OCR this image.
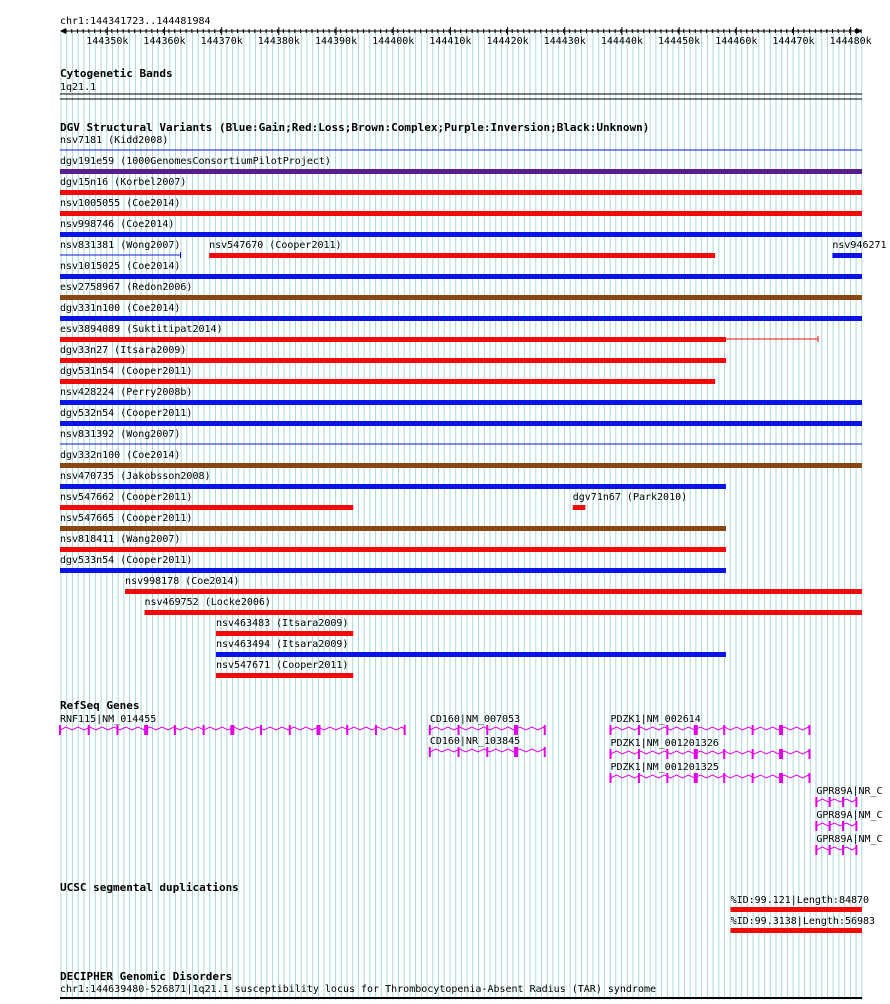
chr1:144341723..144481984
144350k 144360k 144370k 144380k 144390k 144400k 144410k 144420k 144430k 144440k 144450k 144460k 144470k 144480k
Cytogenetic Bands
1q21.1
DGV Structural Variants (Blue:Gain;Red:Loss;Brown:Complex;Purple:Inversion;Black:Unknown)
nsv7181 (Kidd2008)
dgv191e59 (1000GenomesConsortiumPilotProject)
dgv15n16 (Korbel2007)
nsv1005055 (Coe2014)
nsv998746 (Coe2014)
nsv831381 (Wong2007)	nsv547670 (Cooper2011)	nsv946271
nsv1015025 (Coe2014)
esv2758967 (Redon2006)
dgv331n100 (Coe2014)
esv3894089 (Suktitipat2014)
dgv33n27 (Itsara2009)
dgv531n54 (Cooper2011)
nsv428224 (Perry2008b)
dgv532n54 (Cooper2011)
nsv831392 (Wong2007)
dgv332n100 (Coe2014)
nsv470735 (Jakobsson2008)
nsv547662 (Cooper2011)	dgv71n67 (Park2010)
nsv547665 (Cooper2011)
nsv818411 (Wang2007)
dgv533n54 (Cooper2011)
nsv998178 (Coe2014)
nsv469752 (Locke2006)
nsv463483 (Itsara2009)
nsv463494 (Itsara2009)
nsv547671 (Cooper2011)
RefSeq Genes
RNF115|NM_014455	CD160|NM_007053
CD160|NR_103845
PDZK1|NM_002614
PDZK1|NM_001201326
PDZK1|NM_001201325
GPR89A|NR_C
GPR89A|NM_C
GPR89A|NM_C
UCSC segmental duplications
%ID:99.121|Length:84870
%ID:99.3138|Length:56983
DECIPHER Genomic Disorders
chr1:144639480-526871|1q21.1 susceptibility locus for Thrombocytopenia-Absent Radius (TAR) syndrome
